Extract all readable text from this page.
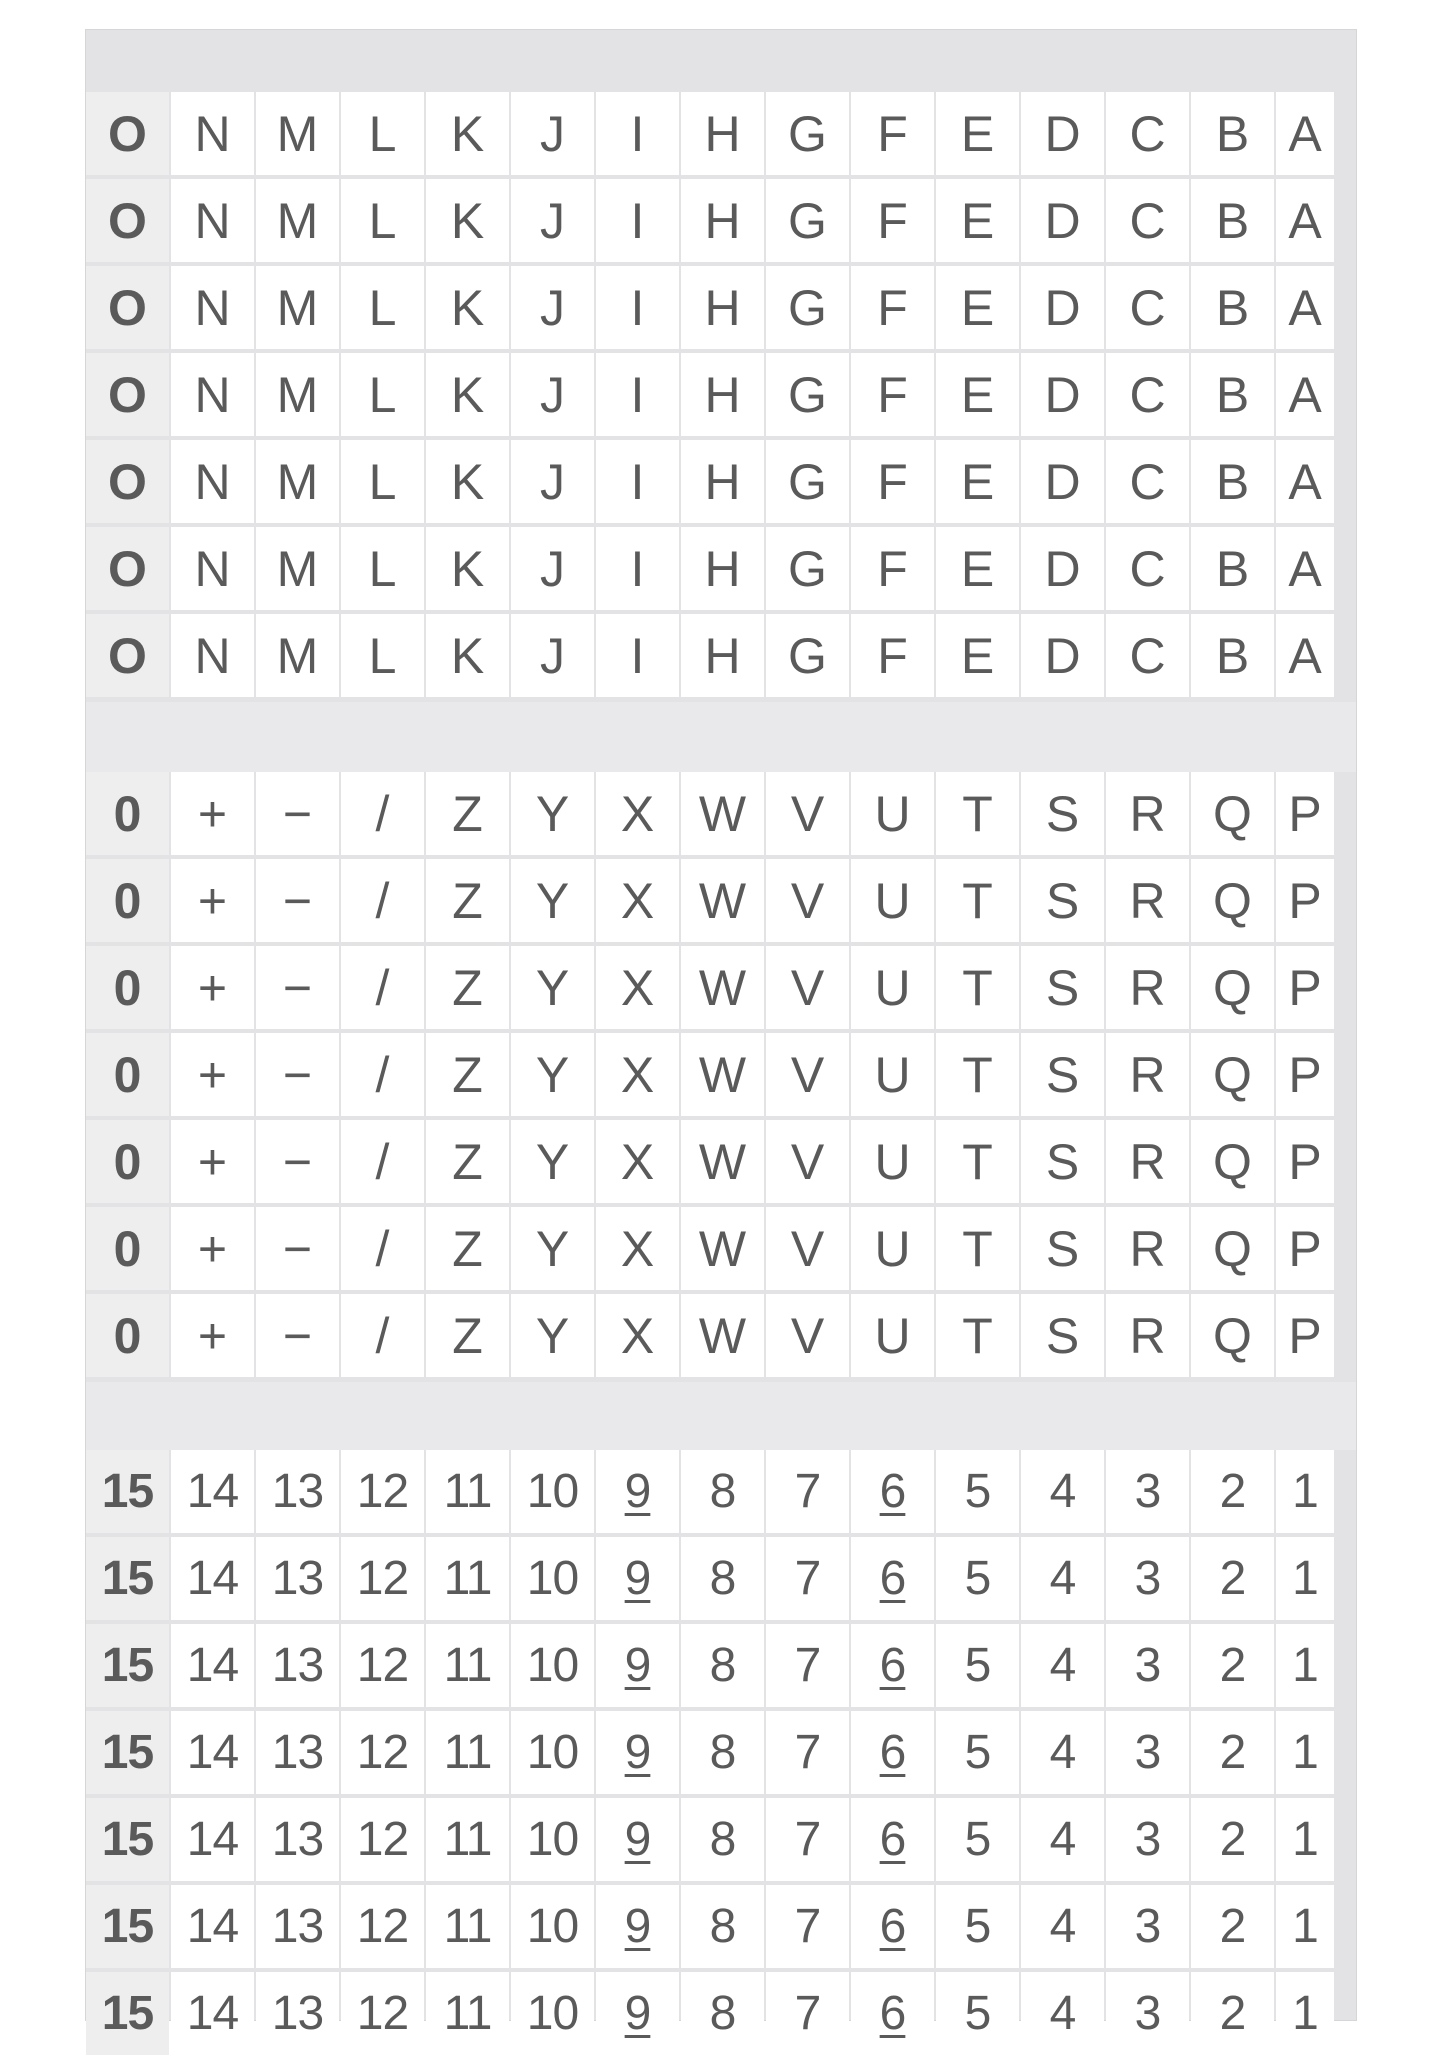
O N M L K J I H G F E D C B A
O N M L K J I H G F E D C B A
O N M L K J I H G F E D C B A
O N M L K J I H G F E D C B A
O N M L K J I H G F E D C B A
O N M L K J I H G F E D C B A
O N M L K J I H G F E D C B A
0 + − / Z Y X W V U T S R Q P
0 + − / Z Y X W V U T S R Q P
0 + − / Z Y X W V U T S R Q P
0 + − / Z Y X W V U T S R Q P
0 + − / Z Y X W V U T S R Q P
0 + − / Z Y X W V U T S R Q P
0 + − / Z Y X W V U T S R Q P
15 14 13 12 11 10 9 8 7 6 5 4 3 2 1
15 14 13 12 11 10 9 8 7 6 5 4 3 2 1
15 14 13 12 11 10 9 8 7 6 5 4 3 2 1
15 14 13 12 11 10 9 8 7 6 5 4 3 2 1
15 14 13 12 11 10 9 8 7 6 5 4 3 2 1
15 14 13 12 11 10 9 8 7 6 5 4 3 2 1
15 14 13 12 11 10 9 8 7 6 5 4 3 2 1
